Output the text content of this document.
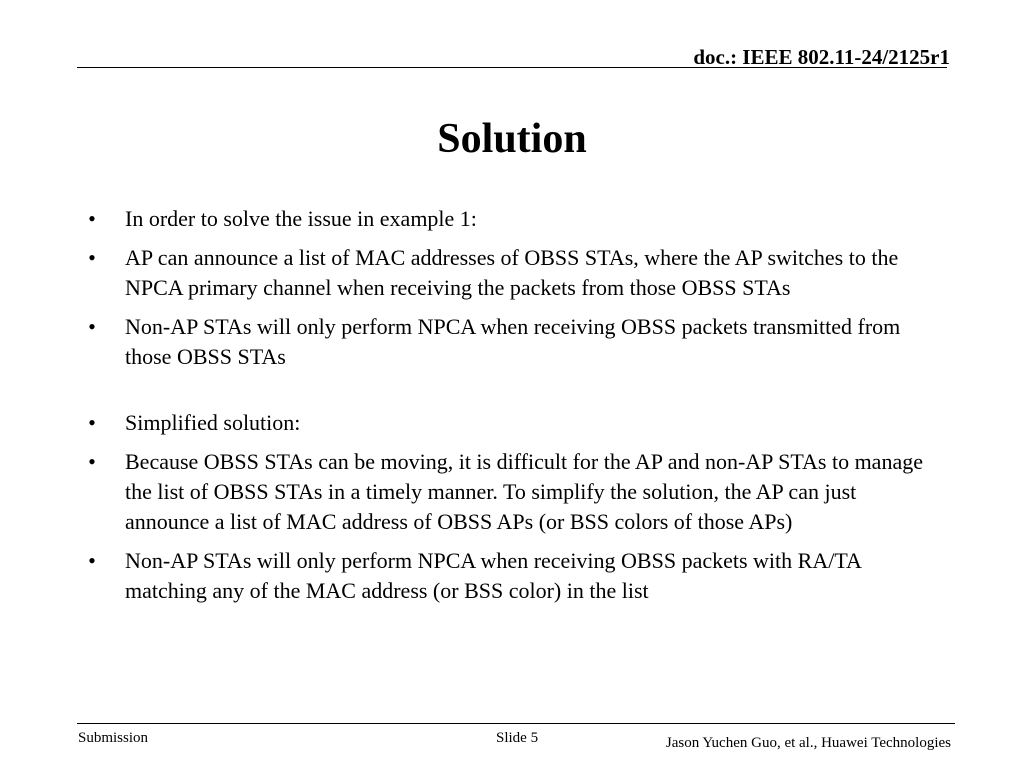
doc.: IEEE 802.11-24/2125r1
Solution
• In order to solve the issue in example 1:
• AP can announce a list of MAC addresses of OBSS STAs, where the AP switches to the NPCA primary channel when receiving the packets from those OBSS STAs
• Non-AP STAs will only perform NPCA when receiving OBSS packets transmitted from those OBSS STAs
• Simplified solution:
• Because OBSS STAs can be moving, it is difficult for the AP and non-AP STAs to manage the list of OBSS STAs in a timely manner. To simplify the solution, the AP can just announce a list of MAC address of OBSS APs (or BSS colors of those APs)
• Non-AP STAs will only perform NPCA when receiving OBSS packets with RA/TA matching any of the MAC address (or BSS color) in the list
Submission	Slide 5	Jason Yuchen Guo, et al., Huawei Technologies
